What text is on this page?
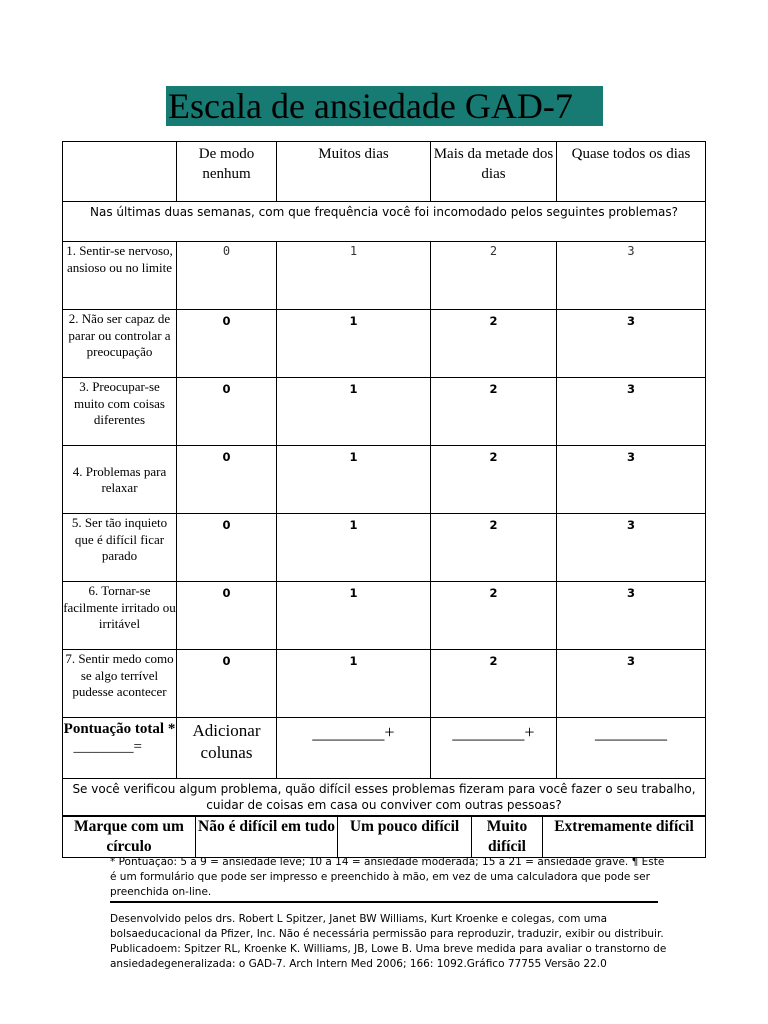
Escala de ansiedade GAD-7
	De modo nenhum	Muitos dias	Mais da metade dos dias	Quase todos os dias
Nas últimas duas semanas, com que frequência você foi incomodado pelos seguintes problemas?				
1. Sentir-se nervoso, ansioso ou no limite	0	1	2	3
2. Não ser capaz de parar ou controlar a preocupação	0	1	2	3
3. Preocupar-se muito com coisas diferentes	0	1	2	3
4. Problemas para relaxar	0	1	2	3
5. Ser tão inquieto que é difícil ficar parado	0	1	2	3
6. Tornar-se facilmente irritado ou irritável	0	1	2	3
7. Sentir medo como se algo terrível pudesse acontecer	0	1	2	3

Pontuação total *
________=	Adicionar colunas	________+	________+	________
Se você verificou algum problema, quão difícil esses problemas fizeram para você fazer o seu trabalho, cuidar de coisas em casa ou conviver com outras pessoas?				
Marque com um círculo	Não é difícil em tudo	Um pouco difícil	Muito difícil	Extremamente difícil
* Pontuação: 5 a 9 = ansiedade leve; 10 a 14 = ansiedade moderada; 15 a 21 = ansiedade grave. ¶ Este é um formulário que pode ser impresso e preenchido à mão, em vez de uma calculadora que pode ser preenchida on-line.
Desenvolvido pelos drs. Robert L Spitzer, Janet BW Williams, Kurt Kroenke e colegas, com uma bolsaeducacional da Pfizer, Inc. Não é necessária permissão para reproduzir, traduzir, exibir ou distribuir. Publicadoem: Spitzer RL, Kroenke K. Williams, JB, Lowe B. Uma breve medida para avaliar o transtorno de ansiedadegeneralizada: o GAD-7. Arch Intern Med 2006; 166: 1092.Gráfico 77755 Versão 22.0
